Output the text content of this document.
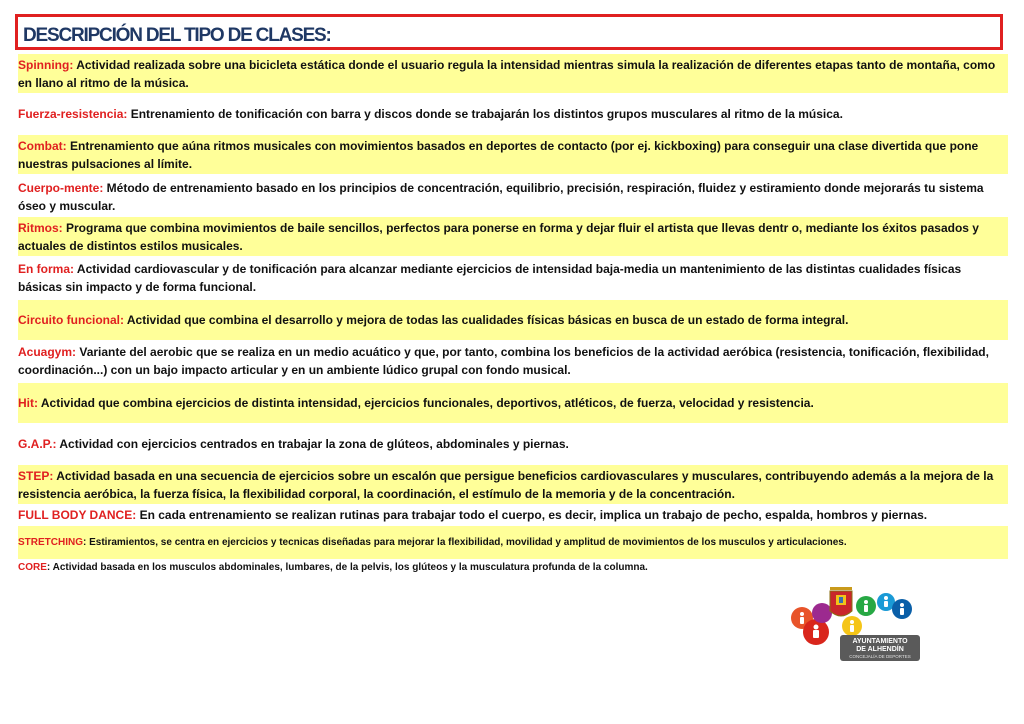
DESCRIPCIÓN DEL TIPO DE CLASES:
Spinning: Actividad realizada sobre una bicicleta estática donde el usuario regula la intensidad mientras simula la realización de diferentes etapas tanto de montaña, como en llano al ritmo de la música.
Fuerza-resistencia: Entrenamiento de tonificación con barra y discos donde se trabajarán los distintos grupos musculares al ritmo de la música.
Combat: Entrenamiento que aúna ritmos musicales con movimientos basados en deportes de contacto (por ej. kickboxing) para conseguir una clase divertida que pone nuestras pulsaciones al límite.
Cuerpo-mente: Método de entrenamiento basado en los principios de concentración, equilibrio, precisión, respiración, fluidez y estiramiento donde mejorarás tu sistema óseo y muscular.
Ritmos: Programa que combina movimientos de baile sencillos, perfectos para ponerse en forma y dejar fluir el artista que llevas dentr o, mediante los éxitos pasados y actuales de distintos estilos musicales.
En forma: Actividad cardiovascular y de tonificación para alcanzar mediante ejercicios de intensidad baja-media un mantenimiento de las distintas cualidades físicas básicas sin impacto y de forma funcional.
Circuito funcional: Actividad que combina el desarrollo y mejora de todas las cualidades físicas básicas en busca de un estado de forma integral.
Acuagym: Variante del aerobic que se realiza en un medio acuático y que, por tanto, combina los beneficios de la actividad aeróbica (resistencia, tonificación, flexibilidad, coordinación...) con un bajo impacto articular y en un ambiente lúdico grupal con fondo musical.
Hit: Actividad que combina ejercicios de distinta intensidad, ejercicios funcionales, deportivos, atléticos, de fuerza, velocidad y resistencia.
G.A.P.: Actividad con ejercicios centrados en trabajar la zona de glúteos, abdominales y piernas.
STEP: Actividad basada en una secuencia de ejercicios sobre un escalón que persigue beneficios cardiovasculares y musculares, contribuyendo además a la mejora de la resistencia aeróbica, la fuerza física, la flexibilidad corporal, la coordinación, el estímulo de la memoria y de la concentración.
FULL BODY DANCE: En cada entrenamiento se realizan rutinas para trabajar todo el cuerpo, es decir, implica un trabajo de pecho, espalda, hombros y piernas.
STRETCHING: Estiramientos, se centra en ejercicios y tecnicas diseñadas para mejorar la flexibilidad, movilidad y amplitud de movimientos de los musculos y articulaciones.
CORE: Actividad basada en los musculos abdominales, lumbares, de la pelvis, los glúteos y la musculatura profunda de la columna.
AYUNTAMIENTO
DE ALHENDÍN
CONCEJALÍA DE DEPORTES
